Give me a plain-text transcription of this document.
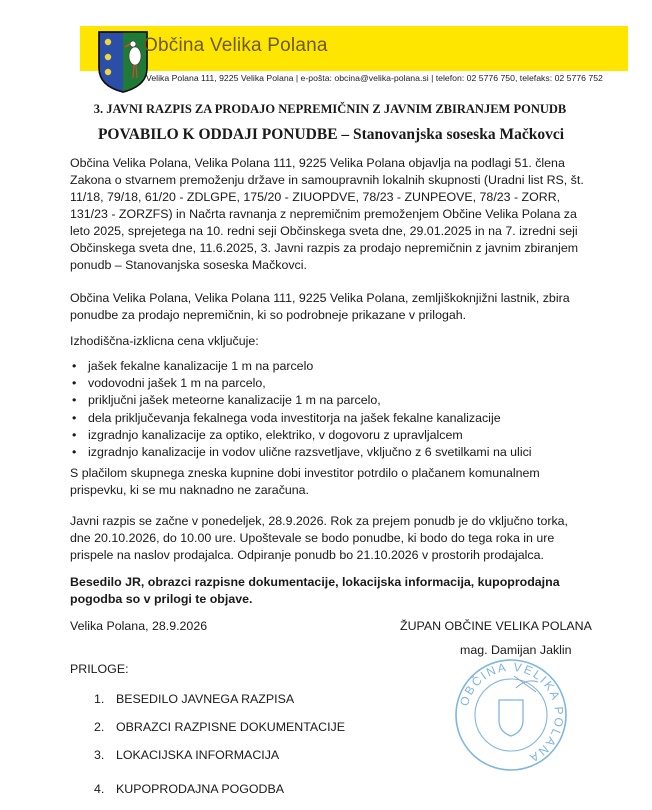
Občina Velika Polana
Velika Polana 111, 9225 Velika Polana | e-pošta: obcina@velika-polana.si | telefon: 02 5776 750, telefaks: 02 5776 752
3. JAVNI RAZPIS ZA PRODAJO NEPREMIČNIN Z JAVNIM ZBIRANJEM PONUDB
POVABILO K ODDAJI PONUDBE – Stanovanjska soseska Mačkovci

Občina Velika Polana, Velika Polana 111, 9225 Velika Polana objavlja na podlagi 51. člena Zakona o stvarnem premoženju države in samoupravnih lokalnih skupnosti (Uradni list RS, št. 11/18, 79/18, 61/20 - ZDLGPE, 175/20 - ZIUOPDVE, 78/23 - ZUNPEOVE, 78/23 - ZORR, 131/23 - ZORZFS) in Načrta ravnanja z nepremičnim premoženjem Občine Velika Polana za leto 2025, sprejetega na 10. redni seji Občinskega sveta dne, 29.01.2025 in na 7. izredni seji Občinskega sveta dne, 11.6.2025, 3. Javni razpis za prodajo nepremičnin z javnim zbiranjem ponudb – Stanovanjska soseska Mačkovci.

Občina Velika Polana, Velika Polana 111, 9225 Velika Polana, zemljiškoknjižni lastnik, zbira ponudbe za prodajo nepremičnin, ki so podrobneje prikazane v prilogah.

Izhodiščna-izklicna cena vključuje:
• jašek fekalne kanalizacije 1 m na parcelo
• vodovodni jašek 1 m na parcelo,
• priključni jašek meteorne kanalizacije 1 m na parcelo,
• dela priključevanja fekalnega voda investitorja na jašek fekalne kanalizacije
• izgradnjo kanalizacije za optiko, elektriko, v dogovoru z upravljalcem
• izgradnjo kanalizacije in vodov ulične razsvetljave, vključno z 6 svetilkami na ulici

S plačilom skupnega zneska kupnine dobi investitor potrdilo o plačanem komunalnem prispevku, ki se mu naknadno ne zaračuna.

Javni razpis se začne v ponedeljek, 28.9.2026. Rok za prejem ponudb je do vključno torka, dne 20.10.2026, do 10.00 ure. Upoštevale se bodo ponudbe, ki bodo do tega roka in ure prispele na naslov prodajalca. Odpiranje ponudb bo 21.10.2026 v prostorih prodajalca.

Besedilo JR, obrazci razpisne dokumentacije, lokacijska informacija, kupoprodajna pogodba so v prilogi te objave.

Velika Polana, 28.9.2026	ŽUPAN OBČINE VELIKA POLANA
mag. Damijan Jaklin
OBČINA VELIKA POLANA
PRILOGE:
1. BESEDILO JAVNEGA RAZPISA
2. OBRAZCI RAZPISNE DOKUMENTACIJE
3. LOKACIJSKA INFORMACIJA
4. KUPOPRODAJNA POGODBA
